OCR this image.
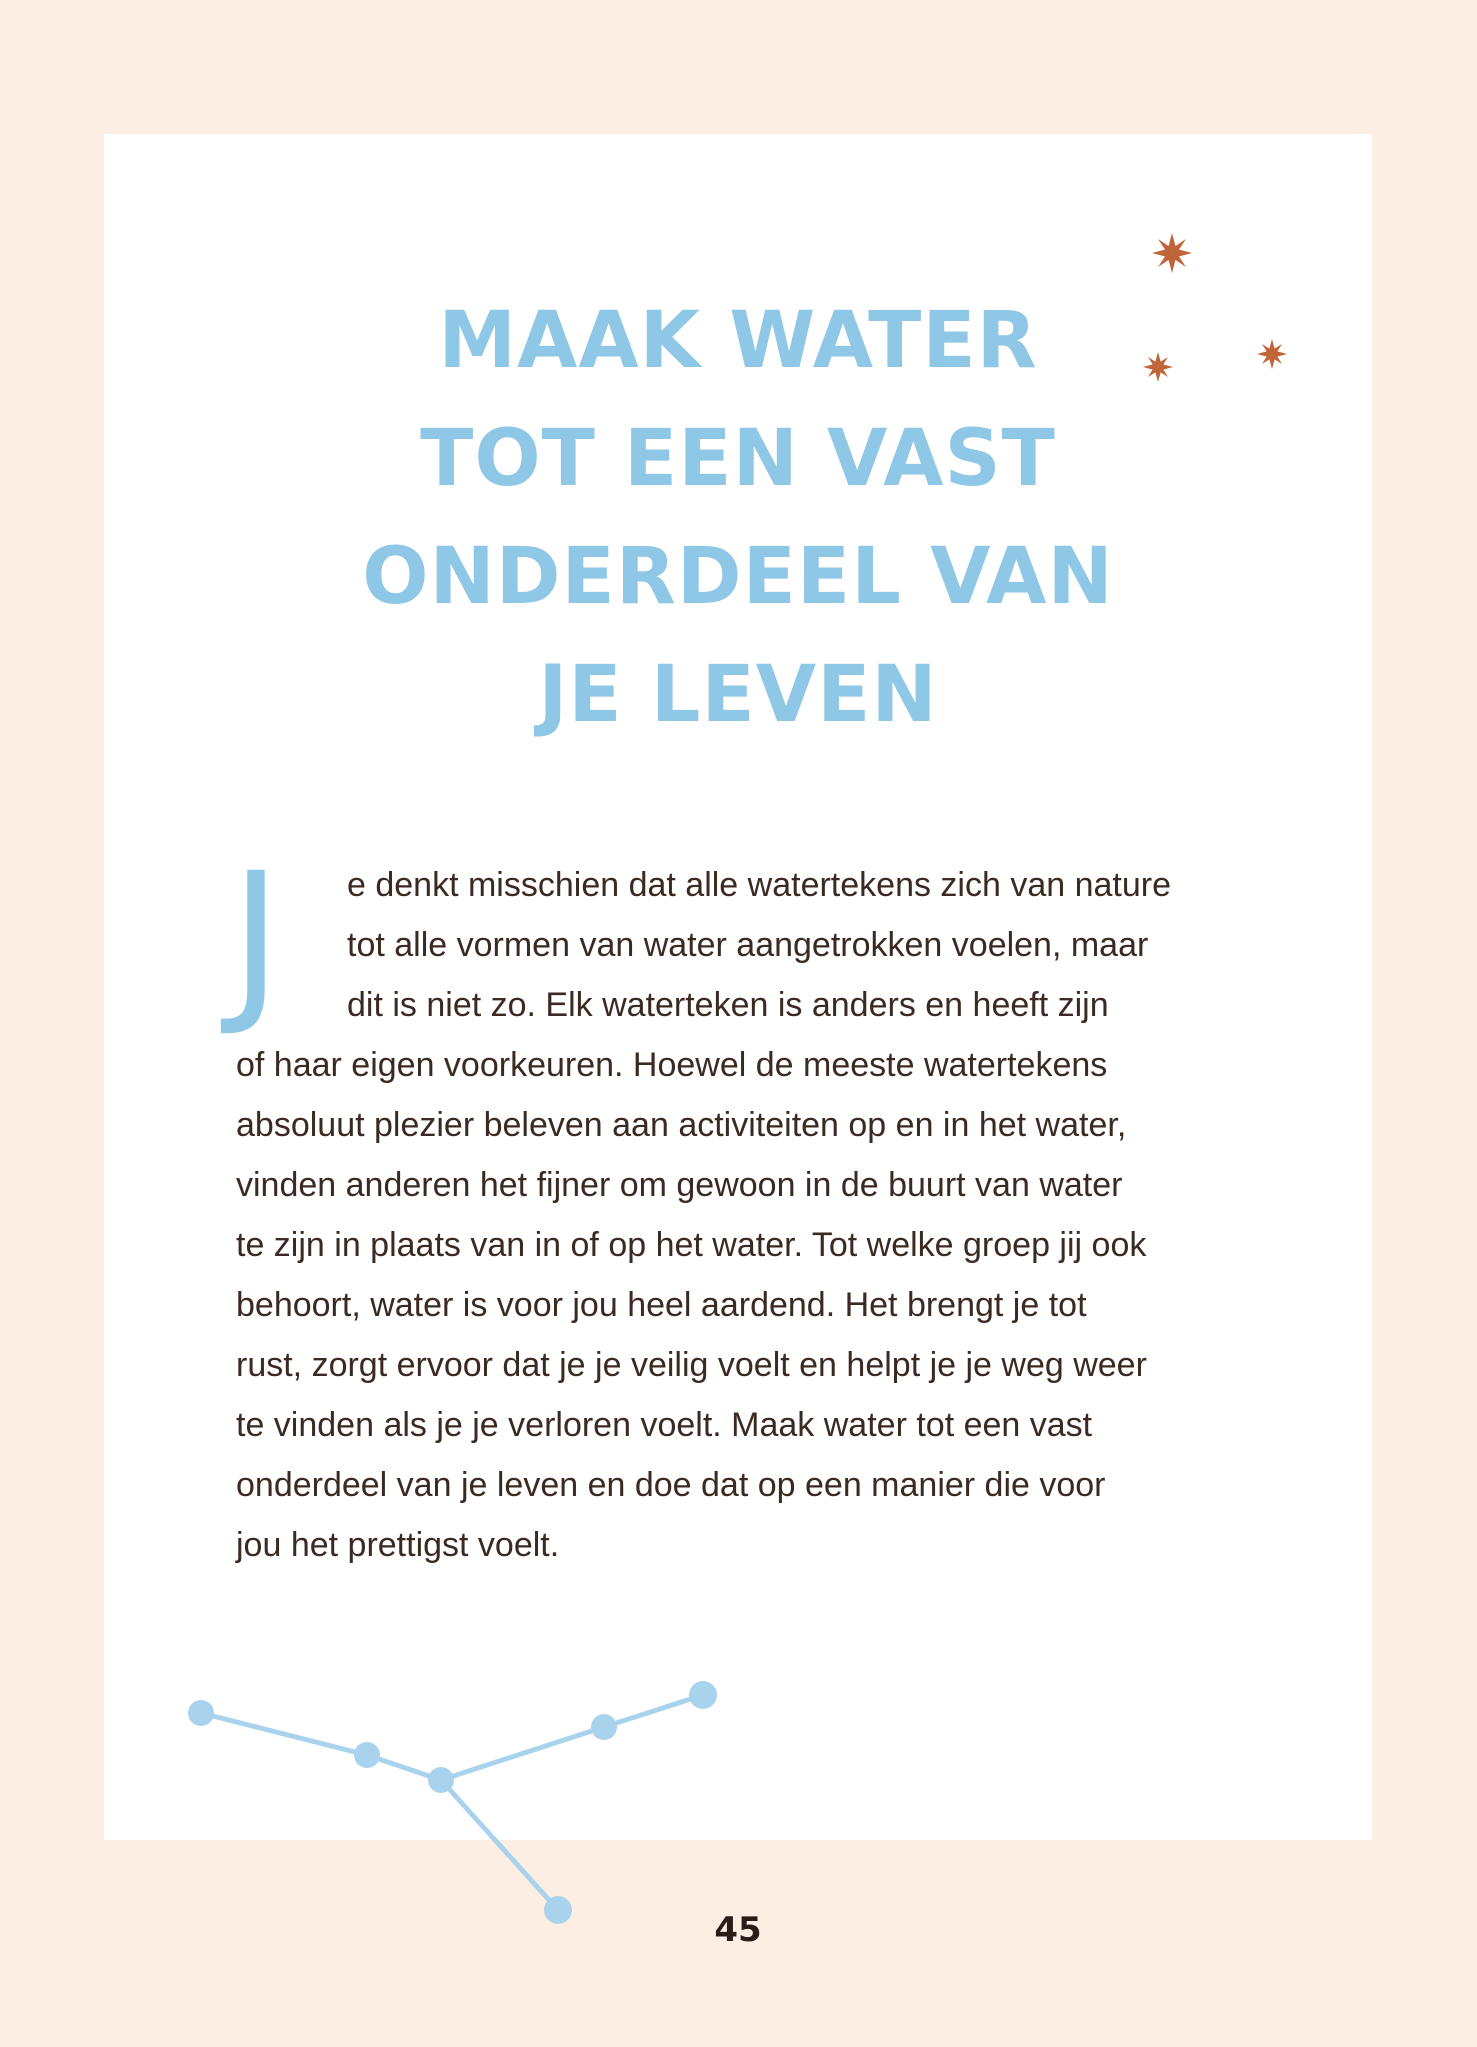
MAAK WATER
TOT EEN VAST
ONDERDEEL VAN
JE LEVEN
J	e denkt misschien dat alle watertekens zich van nature
tot alle vormen van water aangetrokken voelen, maar
dit is niet zo. Elk waterteken is anders en heeft zijn
of haar eigen voorkeuren. Hoewel de meeste watertekens
absoluut plezier beleven aan activiteiten op en in het water,
vinden anderen het fijner om gewoon in de buurt van water
te zijn in plaats van in of op het water. Tot welke groep jij ook
behoort, water is voor jou heel aardend. Het brengt je tot
rust, zorgt ervoor dat je je veilig voelt en helpt je je weg weer
te vinden als je je verloren voelt. Maak water tot een vast
onderdeel van je leven en doe dat op een manier die voor
jou het prettigst voelt.
45
